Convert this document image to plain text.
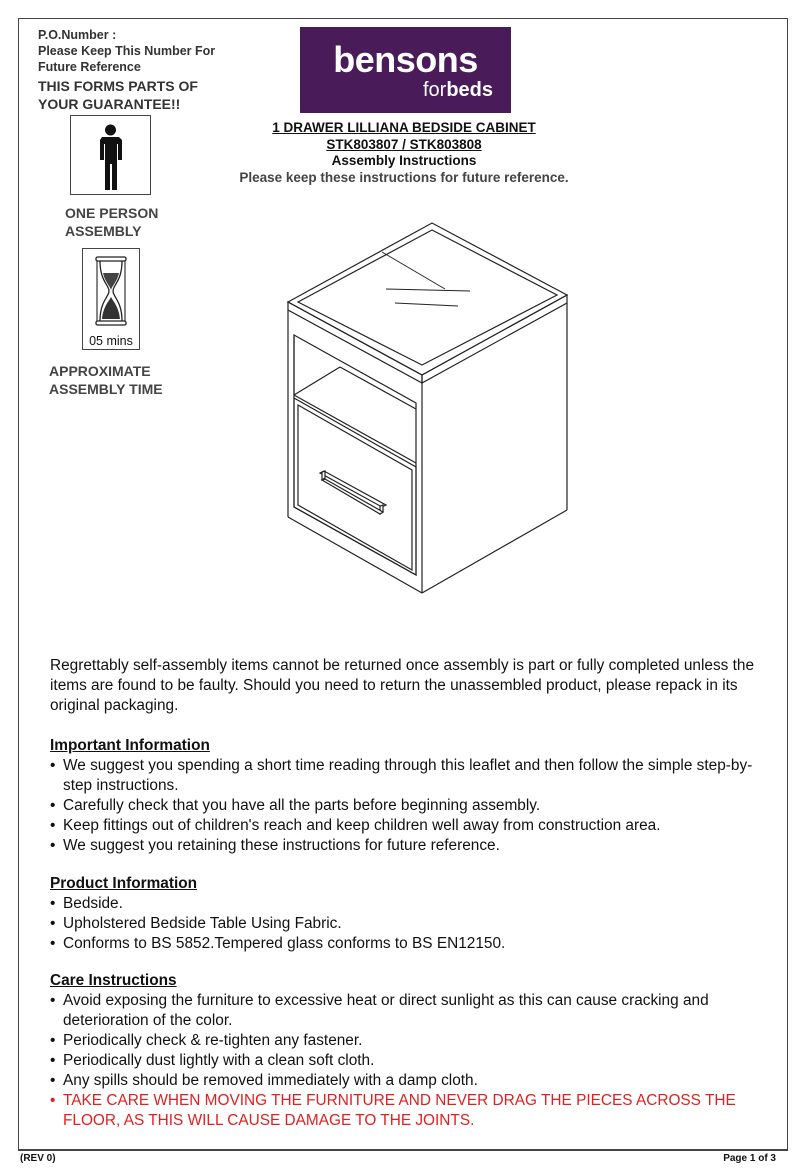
P.O.Number :
Please Keep This Number For
Future Reference
THIS FORMS PARTS OF
YOUR GUARANTEE!!
bensons
forbeds
ONE PERSON
ASSEMBLY
05 mins
APPROXIMATE
ASSEMBLY TIME
1 DRAWER LILLIANA BEDSIDE CABINET
STK803807 / STK803808
Assembly Instructions
Please keep these instructions for future reference.
Regrettably self-assembly items cannot be returned once assembly is part or fully completed unless the items are found to be faulty. Should you need to return the unassembled product, please repack in its original packaging.
Important Information
• We suggest you spending a short time reading through this leaflet and then follow the simple step-by-step instructions.
• Carefully check that you have all the parts before beginning assembly.
• Keep fittings out of children's reach and keep children well away from construction area.
• We suggest you retaining these instructions for future reference.
Product Information
• Bedside.
• Upholstered Bedside Table Using Fabric.
• Conforms to BS 5852.Tempered glass conforms to BS EN12150.
Care Instructions
• Avoid exposing the furniture to excessive heat or direct sunlight as this can cause cracking and deterioration of the color.
• Periodically check & re-tighten any fastener.
• Periodically dust lightly with a clean soft cloth.
• Any spills should be removed immediately with a damp cloth.
• TAKE CARE WHEN MOVING THE FURNITURE AND NEVER DRAG THE PIECES ACROSS THE FLOOR, AS THIS WILL CAUSE DAMAGE TO THE JOINTS.
(REV 0)	Page 1 of 3
